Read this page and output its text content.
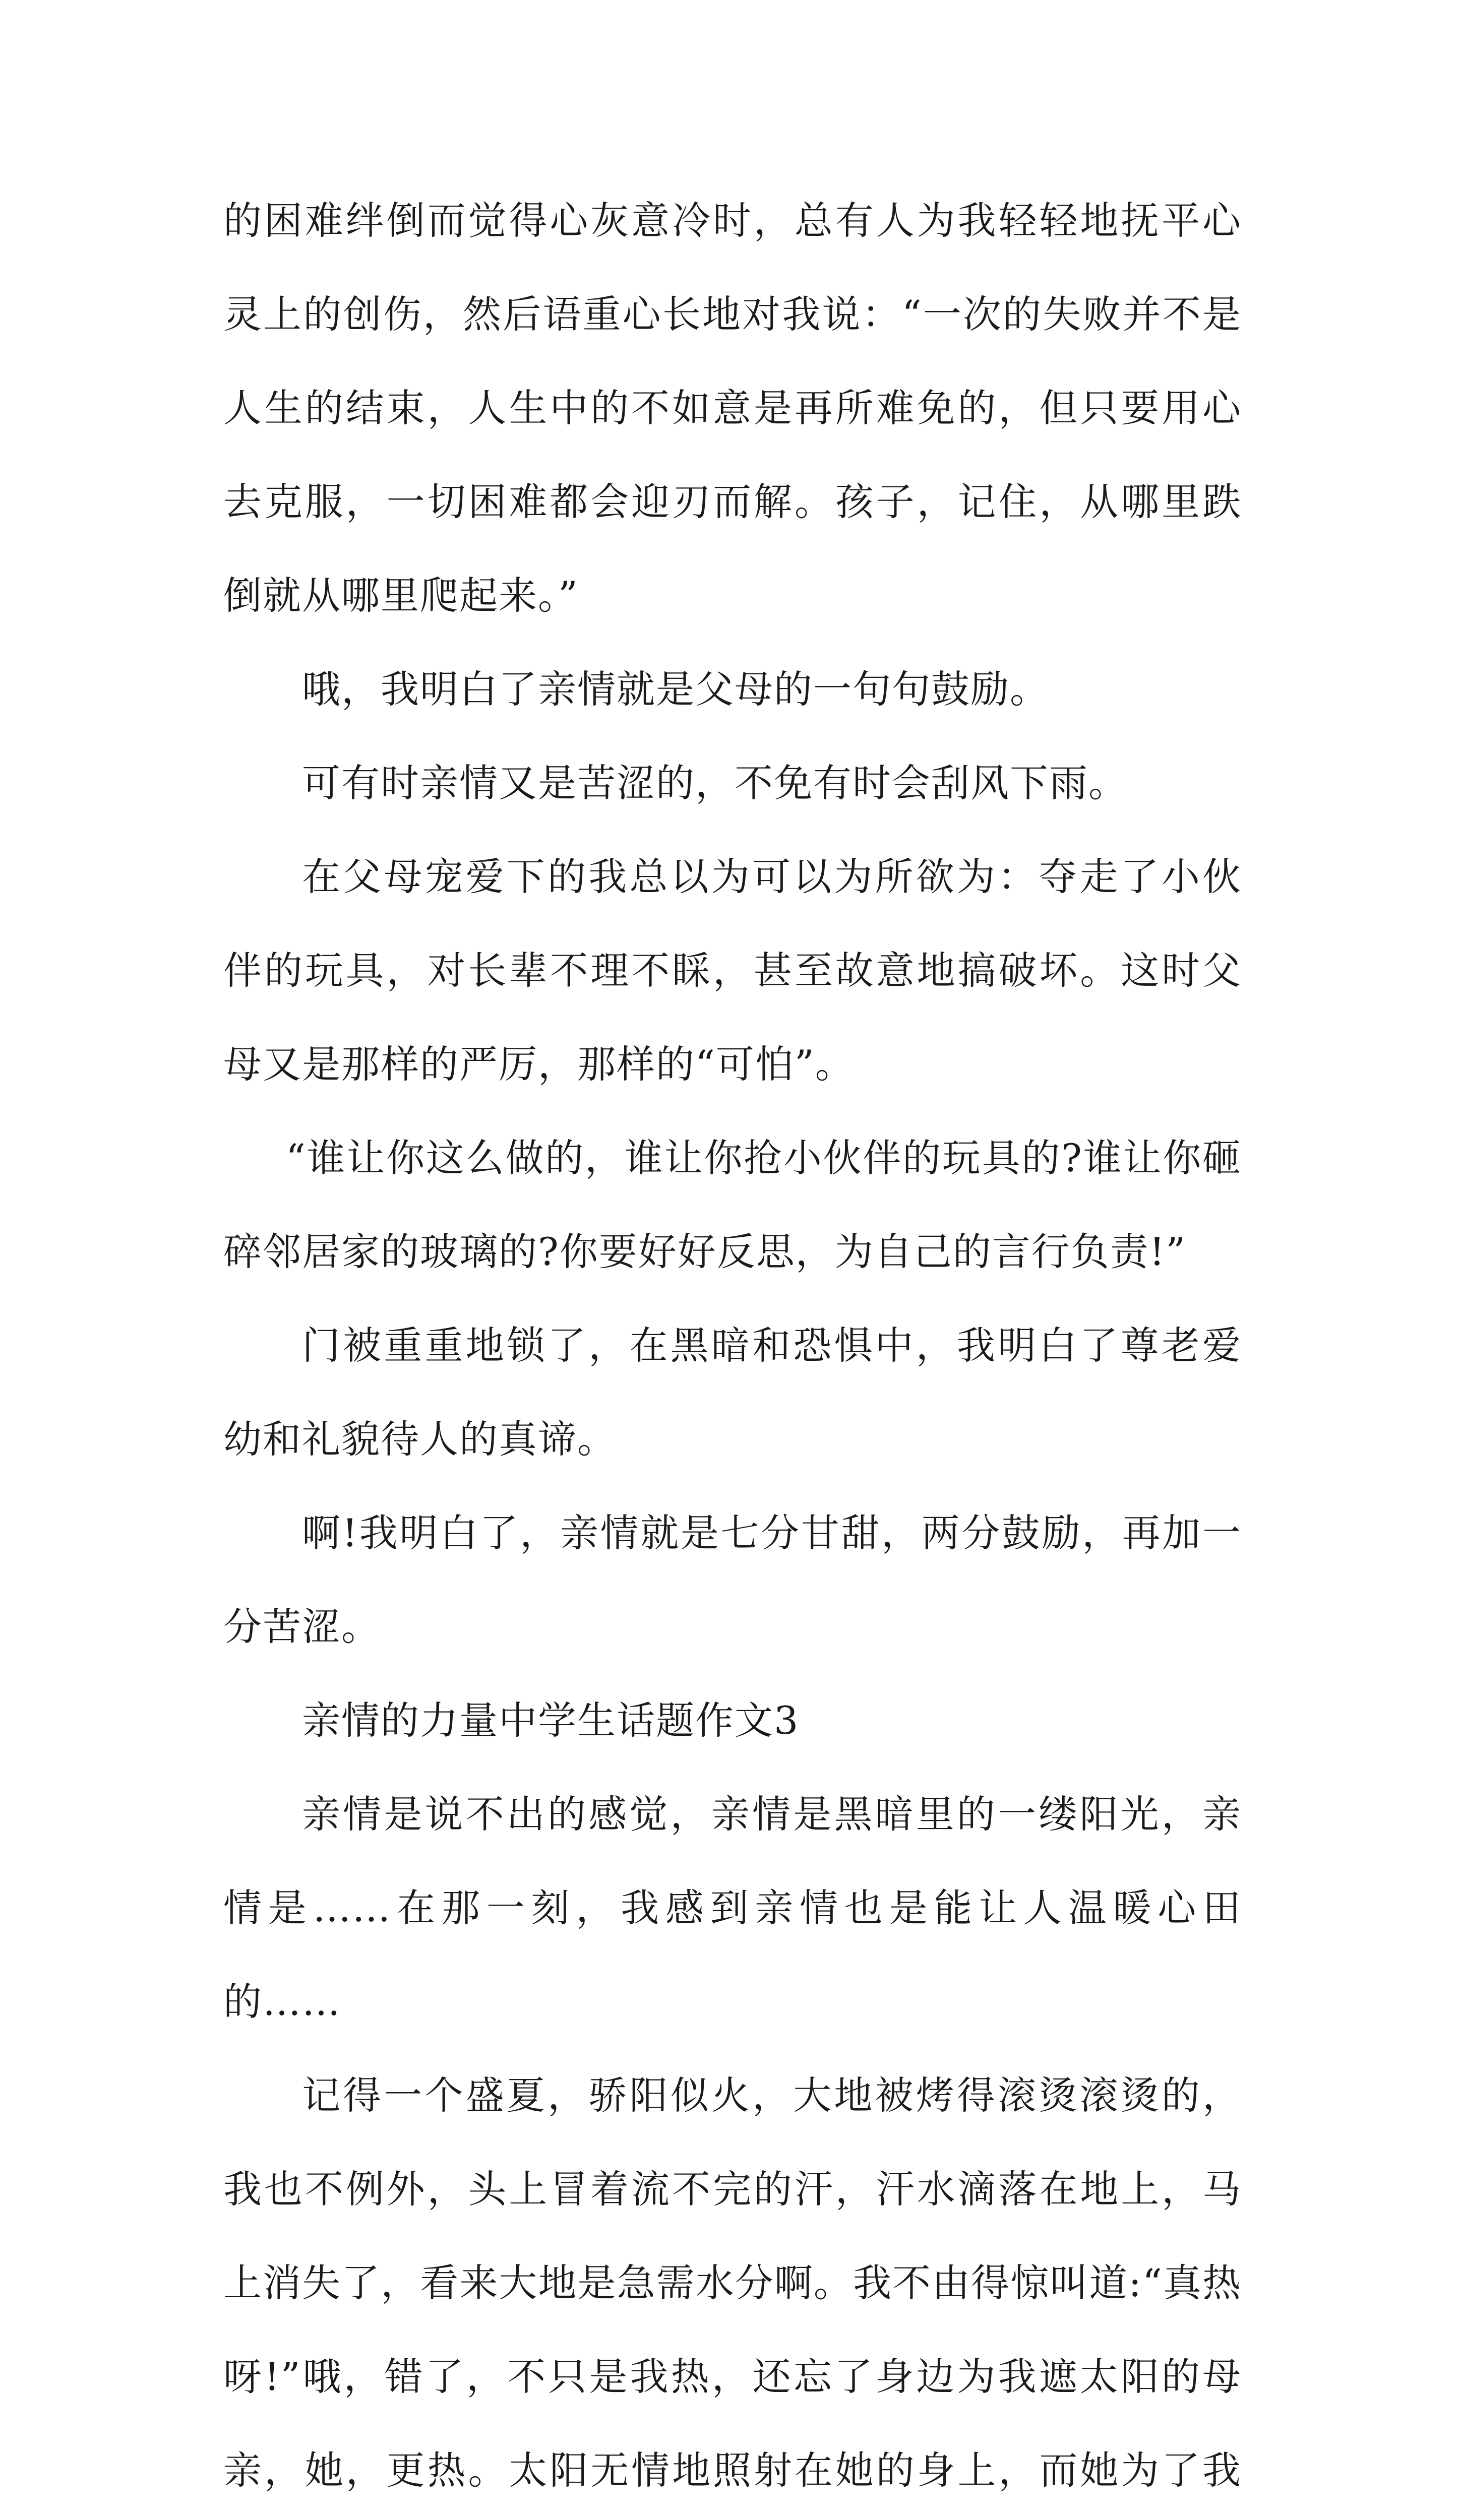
的困难绊倒而觉得心灰意冷时，总有人为我轻轻地抚平心灵上的创伤，然后语重心长地对我说：“一次的失败并不是人生的结束，人生中的不如意是再所难免的，但只要用心去克服，一切困难都会迎刃而解。孩子，记住，从哪里跌倒就从哪里爬起来。”

哦，我明白了亲情就是父母的一句句鼓励。

可有时亲情又是苦涩的，不免有时会刮风下雨。

在父母宠爱下的我总以为可以为所欲为：夺走了小伙伴的玩具，对长辈不理不睬，甚至故意地搞破坏。这时父母又是那样的严厉，那样的“可怕”。

“谁让你这么做的，谁让你抢小伙伴的玩具的?谁让你砸碎邻居家的玻璃的?你要好好反思，为自己的言行负责!”

门被重重地锁了，在黑暗和恐惧中，我明白了尊老爱幼和礼貌待人的真谛。

啊!我明白了，亲情就是七分甘甜，两分鼓励，再加一分苦涩。

亲情的力量中学生话题作文3

亲情是说不出的感觉，亲情是黑暗里的一缕阳光，亲情是……在那一刻，我感到亲情也是能让人温暖心田的……

记得一个盛夏，骄阳似火，大地被烤得滚烫滚烫的，我也不例外，头上冒着流不完的汗，汗水滴落在地上，马上消失了，看来大地是急需水分啊。我不由得惊叫道:“真热呀!”哦，错了，不只是我热，还忘了身边为我遮太阳的母亲，她，更热。太阳无情地照射在她的身上，而她为了我
